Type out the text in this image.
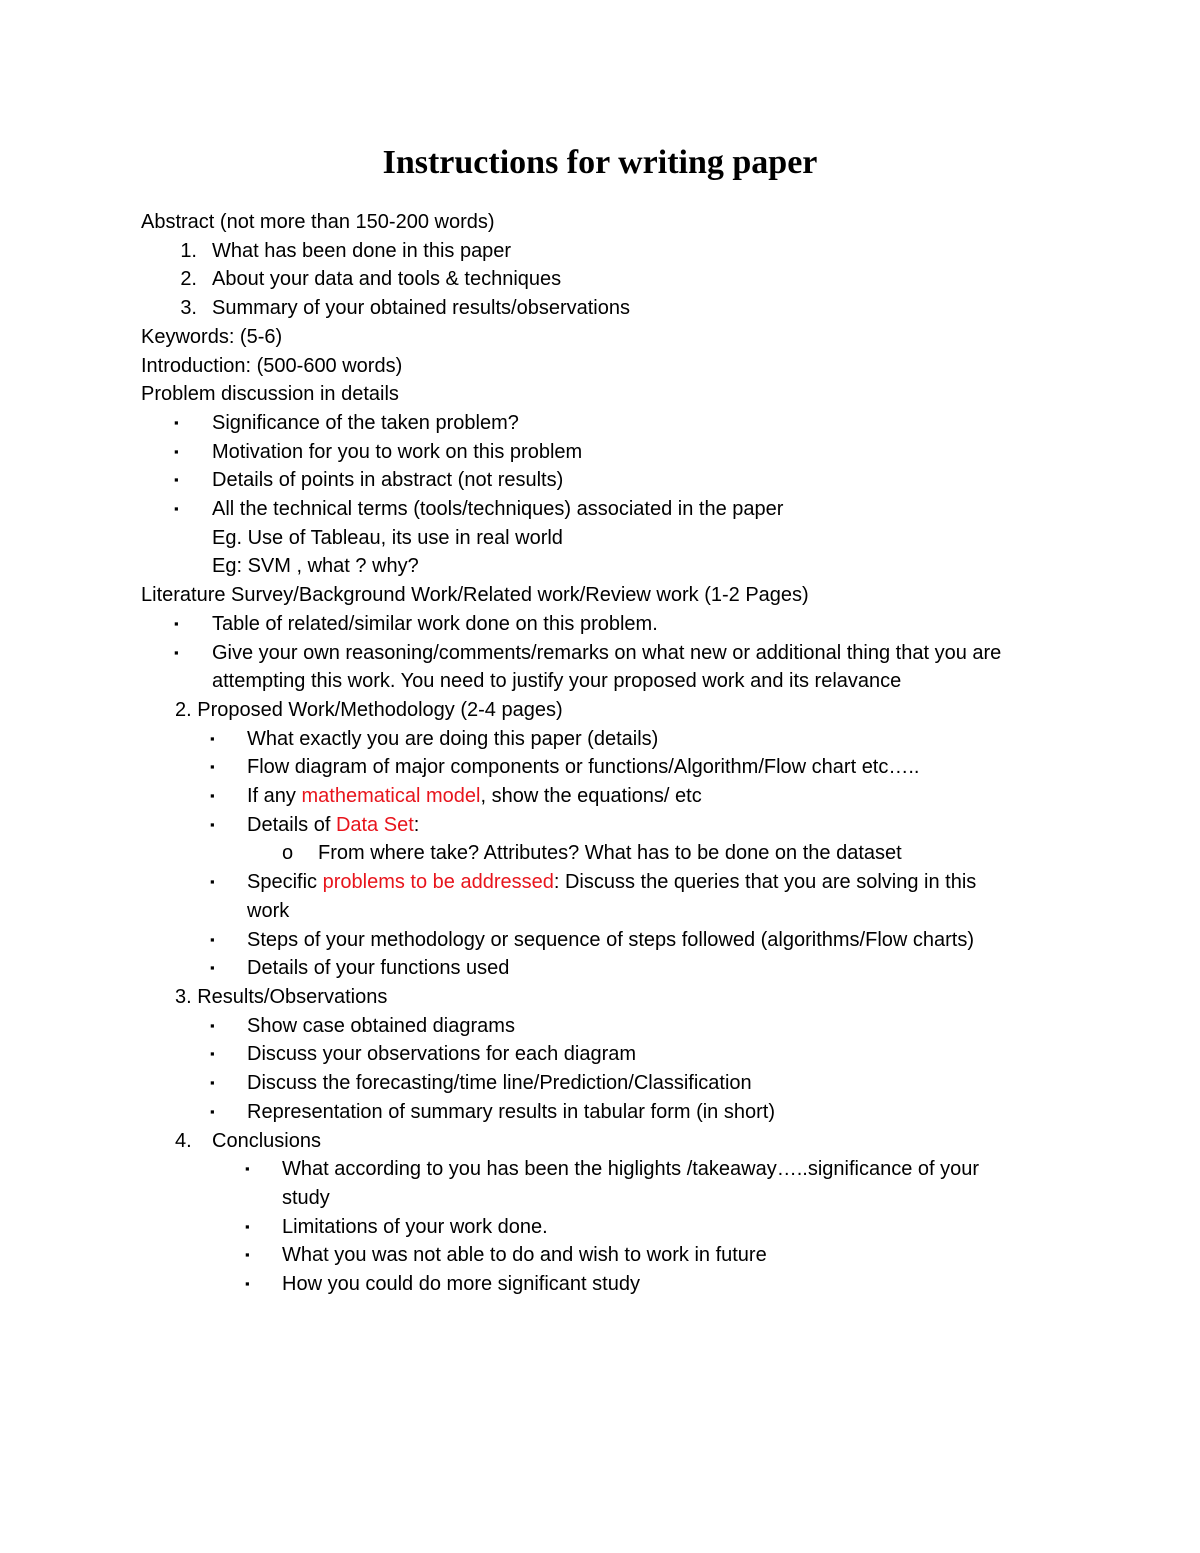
Instructions for writing paper
Abstract (not more than 150-200 words)
1. What has been done in this paper
2. About your data and tools & techniques
3. Summary of your obtained results/observations
Keywords: (5-6)
Introduction: (500-600 words)
Problem discussion in details
▪ Significance of the taken problem?
▪ Motivation for you to work on this problem
▪ Details of points in abstract (not results)
▪ All the technical terms (tools/techniques) associated in the paper
Eg. Use of Tableau, its use in real world
Eg: SVM , what ? why?
Literature Survey/Background Work/Related work/Review work (1-2 Pages)
▪ Table of related/similar work done on this problem.
▪ Give your own reasoning/comments/remarks on what new or additional thing that you are attempting this work. You need to justify your proposed work and its relavance
2. Proposed Work/Methodology (2-4 pages)
▪ What exactly you are doing this paper (details)
▪ Flow diagram of major components or functions/Algorithm/Flow chart etc…..
▪ If any mathematical model, show the equations/ etc
▪ Details of Data Set:
o From where take? Attributes? What has to be done on the dataset
▪ Specific problems to be addressed: Discuss the queries that you are solving in this
work
▪ Steps of your methodology or sequence of steps followed (algorithms/Flow charts)
▪ Details of your functions used
3. Results/Observations
▪ Show case obtained diagrams
▪ Discuss your observations for each diagram
▪ Discuss the forecasting/time line/Prediction/Classification
▪ Representation of summary results in tabular form (in short)
4. Conclusions
▪ What according to you has been the higlights /takeaway…..significance of your
study
▪ Limitations of your work done.
▪ What you was not able to do and wish to work in future
▪ How you could do more significant study
